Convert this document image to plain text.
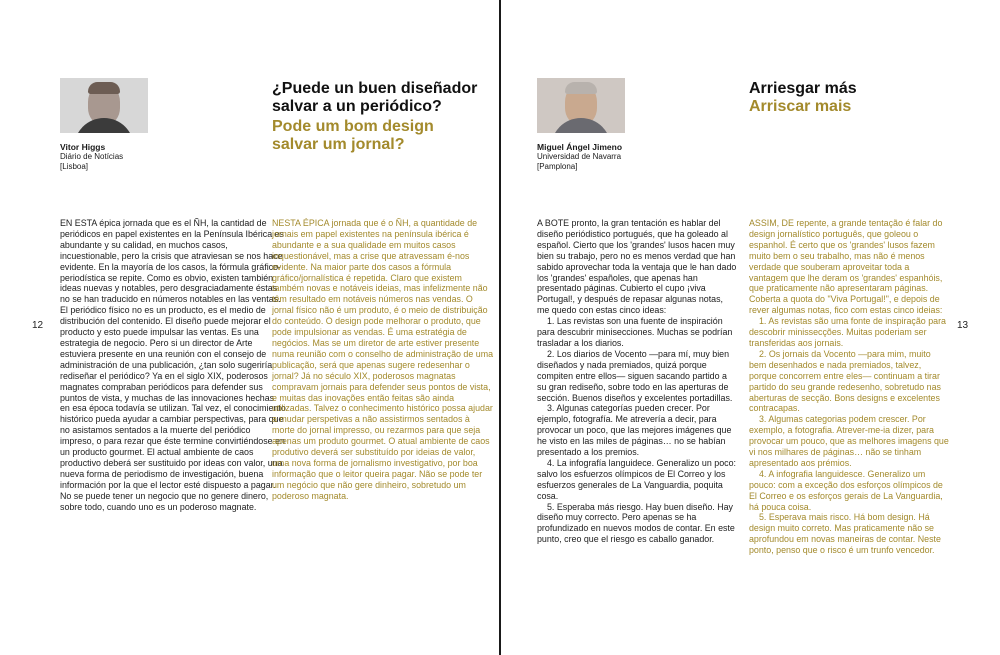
12	13
Vitor Higgs
Diário de Notícias
[Lisboa]
¿Puede un buen diseñador salvar a un periódico?
Pode um bom design salvar um jornal?

EN ESTA épica jornada que es el ÑH, la cantidad de periódicos en papel existentes en la Península Ibérica es abundante y su calidad, en muchos casos, incuestionable, pero la crisis que atraviesan se nos hace evidente. En la mayoría de los casos, la fórmula gráfico-periodística se repite. Como es obvio, existen también ideas nuevas y notables, pero desgraciadamente éstas no se han traducido en números notables en las ventas. El periódico físico no es un producto, es el medio de distribución del contenido. El diseño puede mejorar el producto y esto puede impulsar las ventas. Es una estrategia de negocio. Pero si un director de Arte estuviera presente en una reunión con el consejo de administración de una publicación, ¿tan solo sugeriría rediseñar el periódico? Ya en el siglo XIX, poderosos magnates compraban periódicos para defender sus puntos de vista, y muchas de las innovaciones hechas en esa época todavía se utilizan. Tal vez, el conocimiento histórico pueda ayudar a cambiar perspectivas, para que no asistamos sentados a la muerte del periódico impreso, o para rezar que éste termine convirtiéndose en un producto gourmet. El actual ambiente de caos productivo deberá ser sustituido por ideas con valor, una nueva forma de periodismo de investigación, buena información por la que el lector esté dispuesto a pagar. No se puede tener un negocio que no genere dinero, sobre todo, cuando uno es un poderoso magnate.

NESTA ÉPICA jornada que é o ÑH, a quantidade de jornais em papel existentes na península ibérica é abundante e a sua qualidade em muitos casos inquestionável, mas a crise que atravessam é-nos evidente. Na maior parte dos casos a fórmula gráfico/jornalística é repetida. Claro que existem também novas e notáveis ideias, mas infelizmente não têm resultado em notáveis números nas vendas. O jornal físico não é um produto, é o meio de distribuição do conteúdo. O design pode melhorar o produto, que pode impulsionar as vendas. É uma estratégia de negócios. Mas se um diretor de arte estiver presente numa reunião com o conselho de administração de uma publicação, será que apenas sugere redesenhar o jornal? Já no século XIX, poderosos magnatas compravam jornais para defender seus pontos de vista, e muitas das inovações então feitas são ainda utilizadas. Talvez o conhecimento histórico possa ajudar a mudar perspetivas a não assistirmos sentados à morte do jornal impresso, ou rezarmos para que seja apenas um produto gourmet. O atual ambiente de caos produtivo deverá ser substituído por ideias de valor, uma nova forma de jornalismo investigativo, por boa informação que o leitor queira pagar. Não se pode ter um negócio que não gere dinheiro, sobretudo um poderoso magnata.

Miguel Ángel Jimeno
Universidad de Navarra
[Pamplona]
Arriesgar más
Arriscar mais

A BOTE pronto, la gran tentación es hablar del diseño periódistico portugués, que ha goleado al español. Cierto que los 'grandes' lusos hacen muy bien su trabajo, pero no es menos verdad que han sabido aprovechar toda la ventaja que le han dado los 'grandes' españoles, que apenas han presentado páginas. Cubierto el cupo ¡viva Portugal!, y después de repasar algunas notas, me quedo con estas cinco ideas:

1. Las revistas son una fuente de inspiración para descubrir minisecciones. Muchas se podrían trasladar a los diarios.

2. Los diarios de Vocento —para mí, muy bien diseñados y nada premiados, quizá porque compiten entre ellos— siguen sacando partido a su gran rediseño, sobre todo en las aperturas de sección. Buenos diseños y excelentes portadillas.

3. Algunas categorías pueden crecer. Por ejemplo, fotografía. Me atrevería a decir, para provocar un poco, que las mejores imágenes que he visto en las miles de páginas… no se habían presentado a los premios.

4. La infografía languidece. Generalizo un poco: salvo los esfuerzos olímpicos de El Correo y los esfuerzos generales de La Vanguardia, poquita cosa.

5. Esperaba más riesgo. Hay buen diseño. Hay diseño muy correcto. Pero apenas se ha profundizado en nuevos modos de contar. En este punto, creo que el riesgo es caballo ganador.

ASSIM, DE repente, a grande tentação é falar do design jornalístico português, que goleou o espanhol. É certo que os 'grandes' lusos fazem muito bem o seu trabalho, mas não é menos verdade que souberam aproveitar toda a vantagem que lhe deram os 'grandes' espanhóis, que praticamente não apresentaram páginas. Coberta a quota do "Viva Portugal!", e depois de rever algumas notas, fico com estas cinco ideias:

1. As revistas são uma fonte de inspiração para descobrir minissecções. Muitas poderiam ser transferidas aos jornais.

2. Os jornais da Vocento —para mim, muito bem desenhados e nada premiados, talvez, porque concorrem entre eles— continuam a tirar partido do seu grande redesenho, sobretudo nas aberturas de secção. Bons designs e excelentes contracapas.

3. Algumas categorias podem crescer. Por exemplo, a fotografia. Atrever-me-ia dizer, para provocar um pouco, que as melhores imagens que vi nos milhares de páginas… não se tinham apresentado aos prémios.

4. A infografia languidesce. Generalizo um pouco: com a exceção dos esforços olímpicos de El Correo e os esforços gerais de La Vanguardia, há pouca coisa.

5. Esperava mais risco. Há bom design. Há design muito correto. Mas praticamente não se aprofundou em novas maneiras de contar. Neste ponto, penso que o risco é um trunfo vencedor.
